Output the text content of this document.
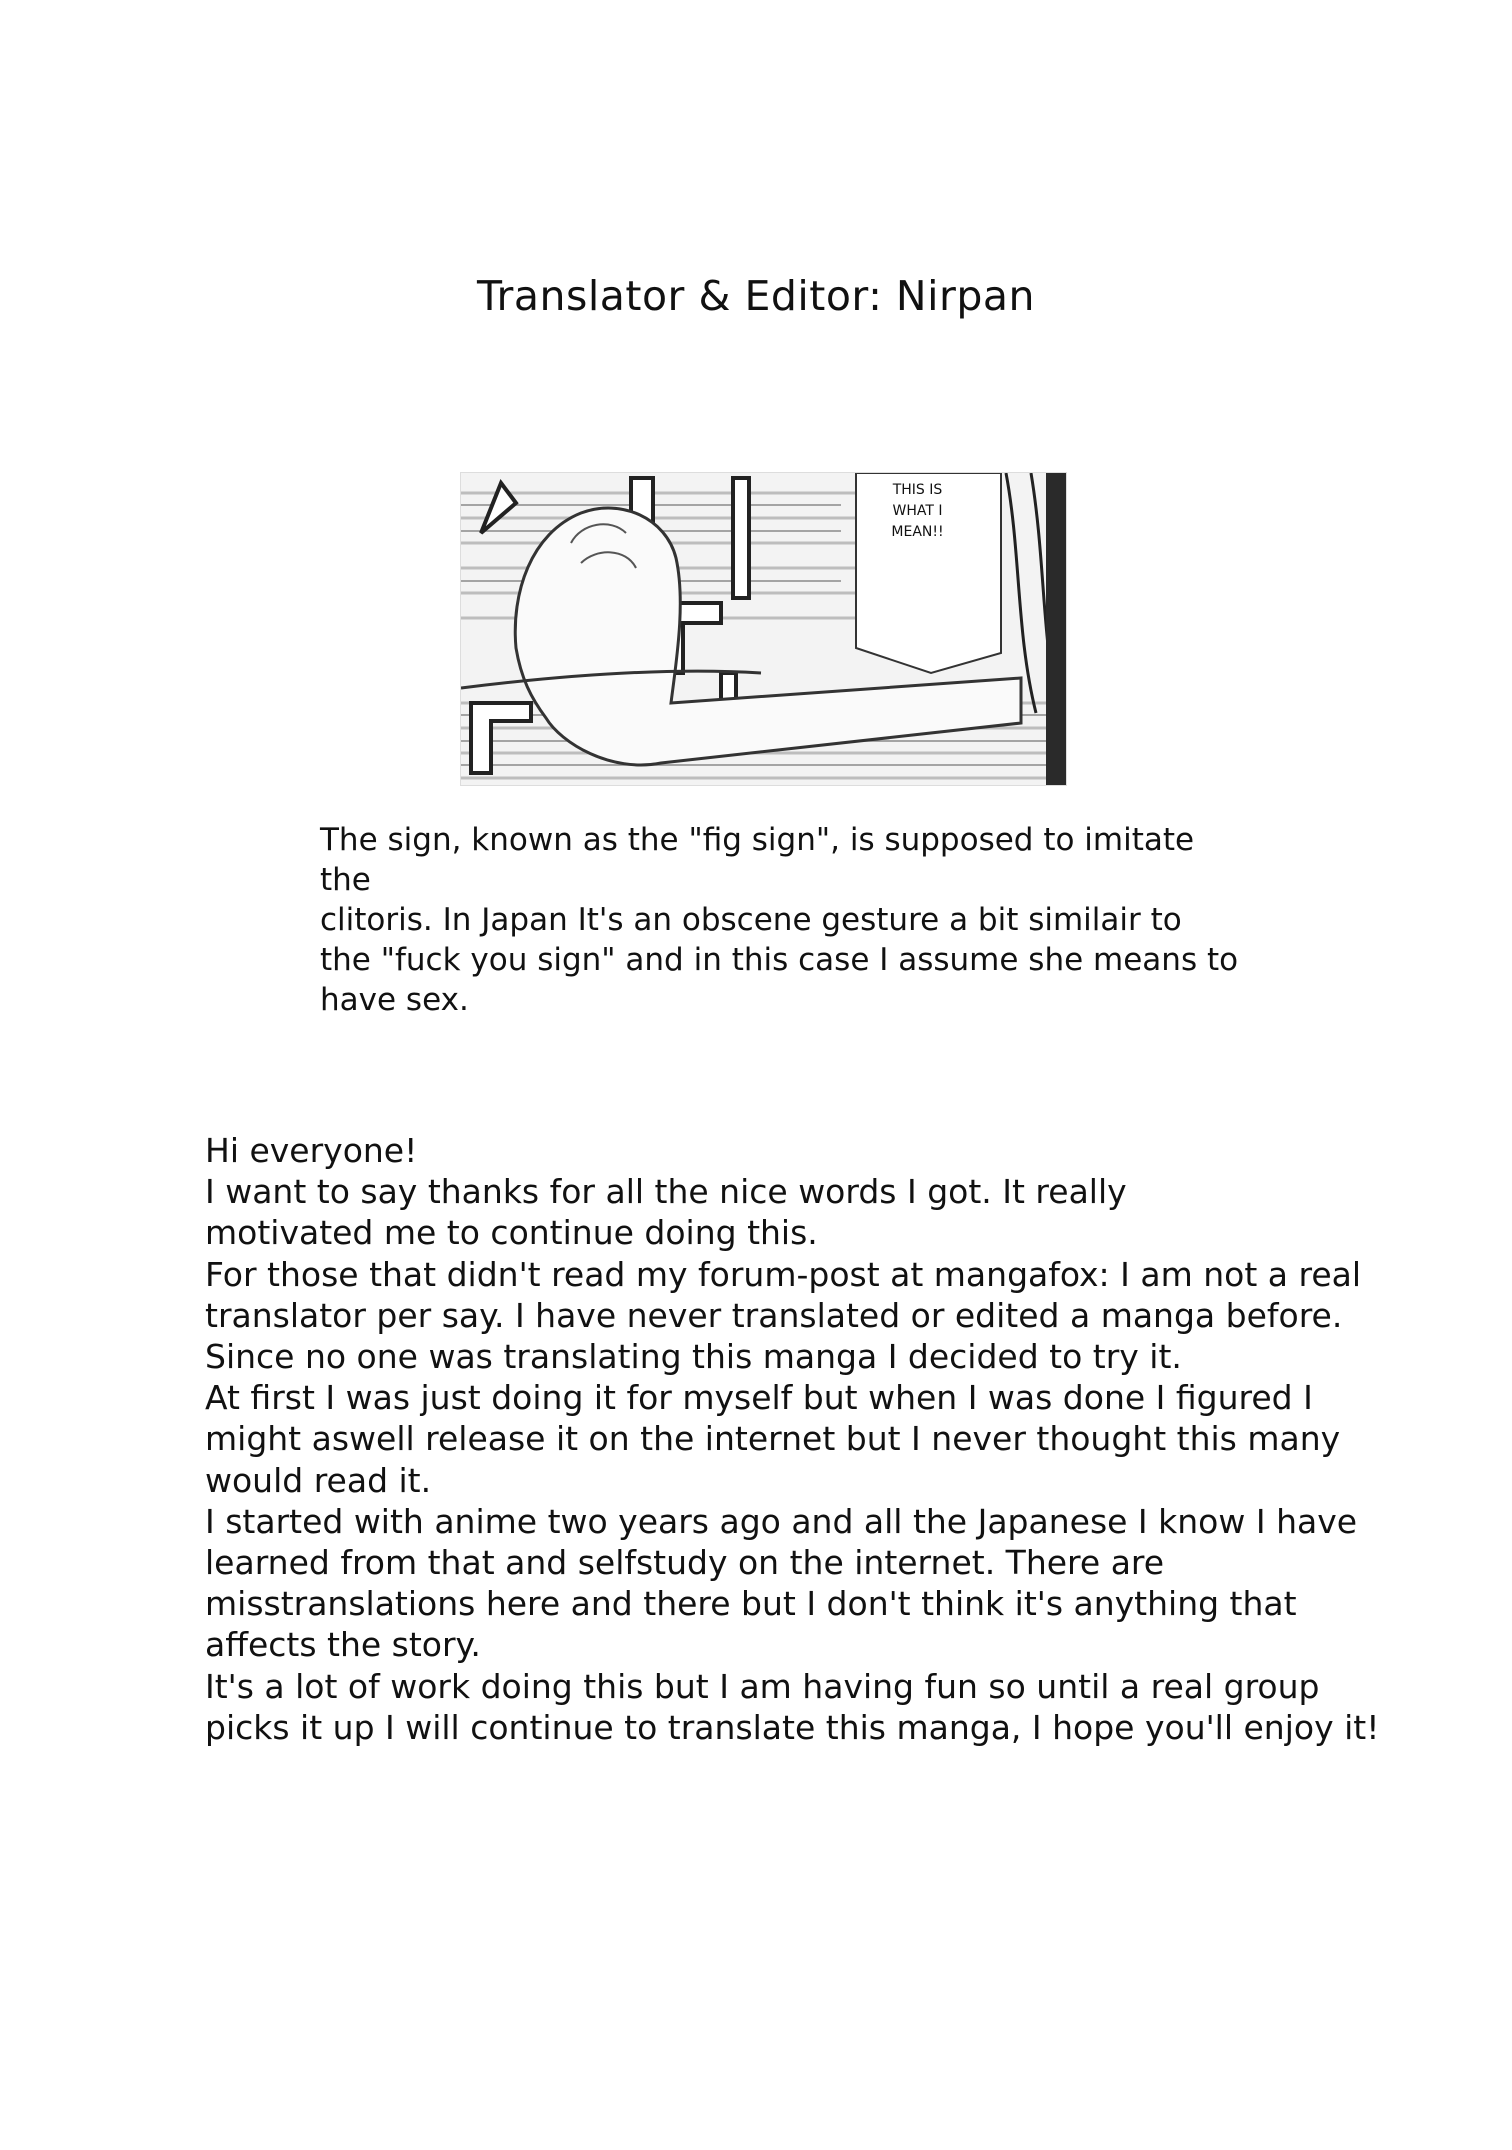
Translator & Editor: Nirpan
THIS IS
WHAT I
MEAN!!
The sign, known as the "fig sign", is supposed to imitate the
clitoris. In Japan It's an obscene gesture a bit similair to
the "fuck you sign" and in this case I assume she means to
have sex.

Hi everyone!

I want to say thanks for all the nice words I got. It really

motivated me to continue doing this.

For those that didn't read my forum-post at mangafox: I am not a real

translator per say. I have never translated or edited a manga before.

Since no one was translating this manga I decided to try it.

At first I was just doing it for myself but when I was done I figured I

might aswell release it on the internet but I never thought this many

would read it.

I started with anime two years ago and all the Japanese I know I have

learned from that and selfstudy on the internet. There are

misstranslations here and there but I don't think it's anything that

affects the story.

It's a lot of work doing this but I am having fun so until a real group

picks it up I will continue to translate this manga, I hope you'll enjoy it!
